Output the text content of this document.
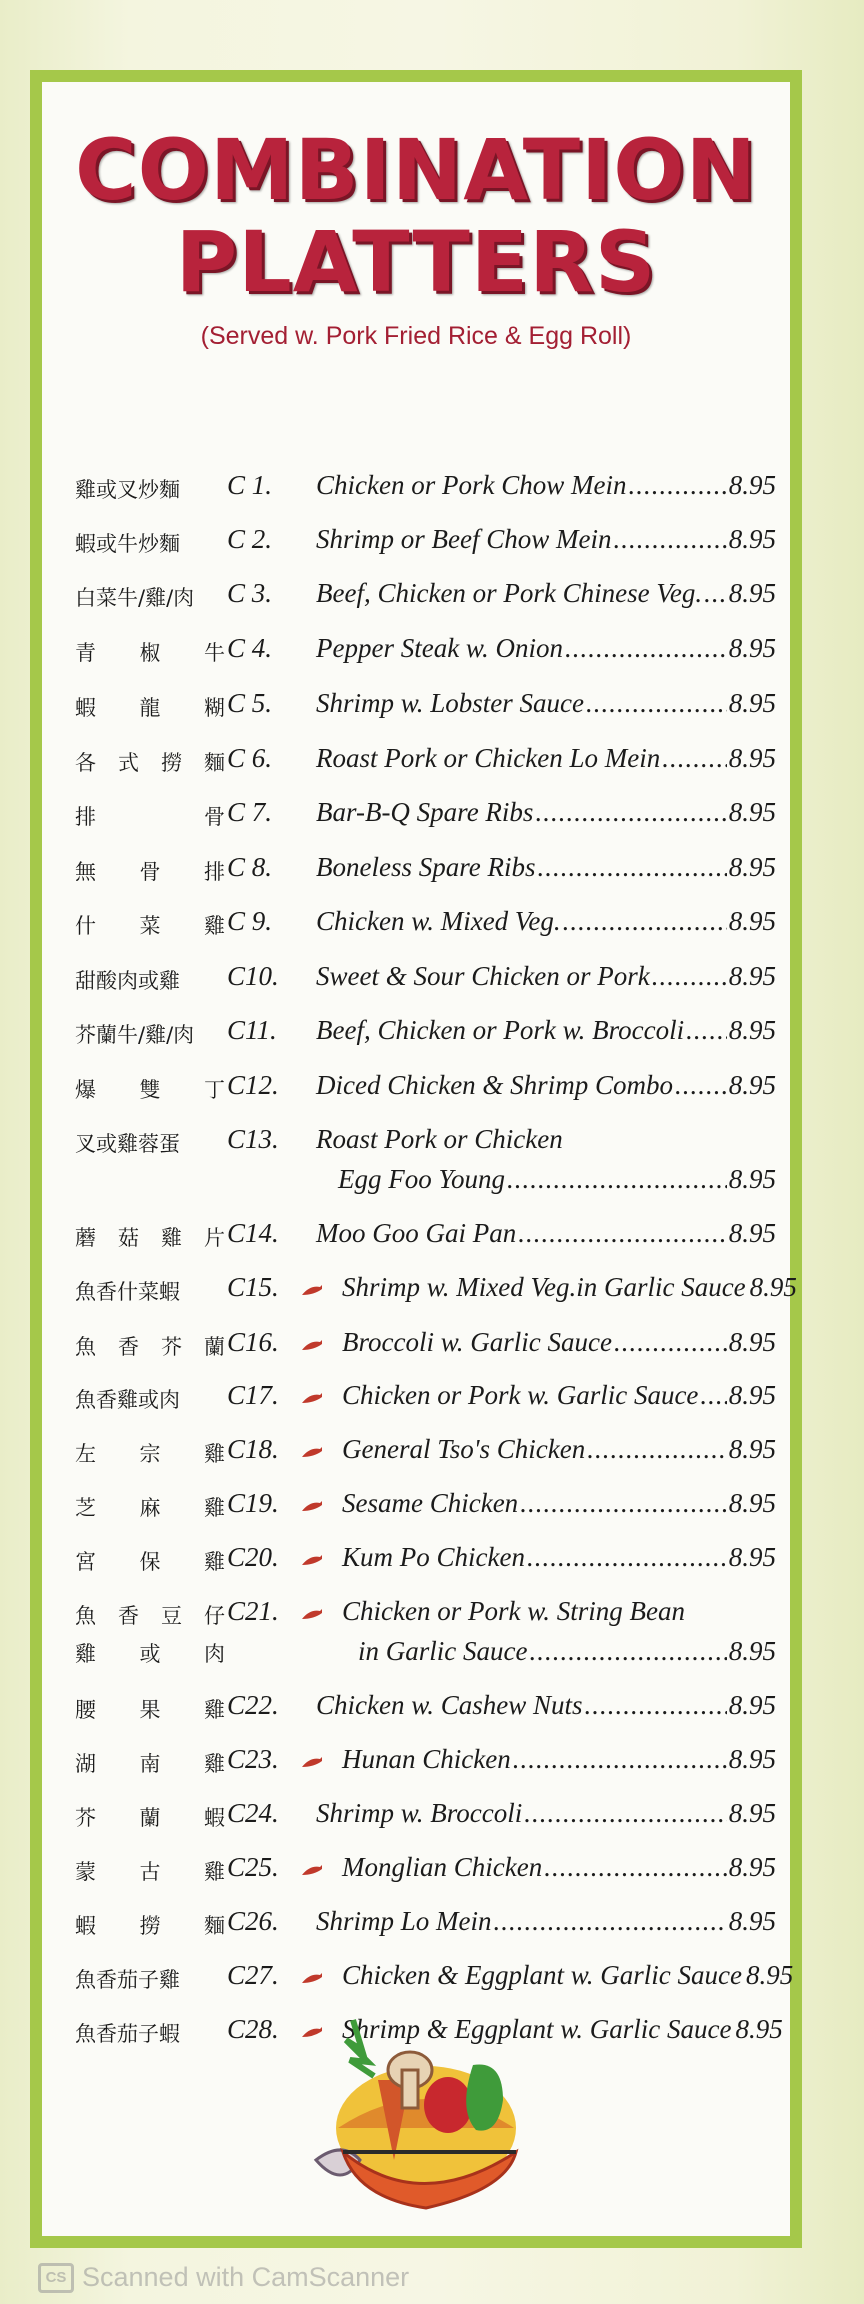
COMBINATION
PLATTERS
(Served w. Pork Fried Rice & Egg Roll)
雞或叉炒麵 C 1. Chicken or Pork Chow Mein .....	8.95
蝦或牛炒麵 C 2. Shrimp or Beef Chow Mein .....	8.95
白菜牛/雞/肉 C 3. Beef, Chicken or Pork Chinese Veg. ..... 8.95
青 椒 牛 C 4. Pepper Steak w. Onion .....	8.95
蝦 龍 糊 C 5. Shrimp w. Lobster Sauce .....	8.95
各 式 撈 麵 C 6. Roast Pork or Chicken Lo Mein .....	8.95
排	骨 C 7. Bar-B-Q Spare Ribs .....	8.95
無 骨 排 C 8. Boneless Spare Ribs .....	8.95
什 菜 雞 C 9. Chicken w. Mixed Veg. .....	8.95
甜酸肉或雞 C10. Sweet & Sour Chicken or Pork .....	8.95
芥蘭牛/雞/肉 C11. Beef, Chicken or Pork w. Broccoli ..... 8.95
爆 雙 丁 C12. Diced Chicken & Shrimp Combo ..... 8.95
叉或雞蓉蛋 C13. Roast Pork or Chicken
Egg Foo Young .....	8.95
蘑 菇 雞 片 C14. Moo Goo Gai Pan .....	8.95
魚香什菜蝦 C15. Shrimp w. Mixed Veg.in Garlic Sauce 8.95
魚 香 芥 蘭 C16. Broccoli w. Garlic Sauce .....	8.95
魚香雞或肉 C17. Chicken or Pork w. Garlic Sauce ..... 8.95
左 宗 雞 C18. General Tso's Chicken .....	8.95
芝 麻 雞 C19. Sesame Chicken .....	8.95
宮 保 雞 C20. Kum Po Chicken .....	8.95
魚 香 豆 仔
雞 或 肉
C21. Chicken or Pork w. String Bean
in Garlic Sauce .....	8.95
腰 果 雞 C22. Chicken w. Cashew Nuts .....	8.95
湖 南 雞 C23. Hunan Chicken .....	8.95
芥 蘭 蝦 C24. Shrimp w. Broccoli .....	8.95
蒙 古 雞 C25. Monglian Chicken .....	8.95
蝦 撈 麵 C26. Shrimp Lo Mein .....	8.95
魚香茄子雞 C27. Chicken & Eggplant w. Garlic Sauce 8.95
魚香茄子蝦 C28. Shrimp & Eggplant w. Garlic Sauce 8.95
CS Scanned with CamScanner
